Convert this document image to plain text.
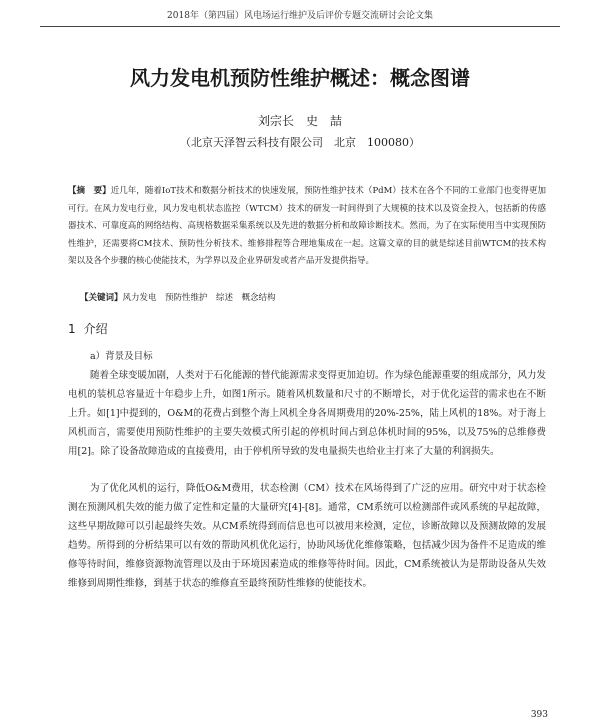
2018年（第四届）风电场运行维护及后评价专题交流研讨会论文集
风力发电机预防性维护概述：概念图谱
刘宗长　史　喆
（北京天泽智云科技有限公司　北京　100080）
【摘　要】近几年，随着IoT技术和数据分析技术的快速发展，预防性维护技术（PdM）技术在各个不同的工业部门也变得更加可行。在风力发电行业，风力发电机状态监控（WTCM）技术的研发一时间得到了大规模的技术以及资金投入，包括新的传感器技术、可靠度高的网络结构、高规格数据采集系统以及先进的数据分析和故障诊断技术。然而，为了在实际使用当中实现预防性维护，还需要将CM技术、预防性分析技术、维修排程等合理地集成在一起。这篇文章的目的就是综述目前WTCM的技术构架以及各个步骤的核心使能技术，为学界以及企业界研发或者产品开发提供指导。
【关键词】风力发电　预防性维护　综述　概念结构
1 介绍
a）背景及目标
随着全球变暖加剧，人类对于石化能源的替代能源需求变得更加迫切。作为绿色能源重要的组成部分，风力发电机的装机总容量近十年稳步上升，如图1所示。随着风机数量和尺寸的不断增长，对于优化运营的需求也在不断上升。如[1]中提到的，O&M的花费占到整个海上风机全身各周期费用的20%-25%，陆上风机的18%。对于海上风机而言，需要使用预防性维护的主要失效模式所引起的停机时间占到总体机时间的95%，以及75%的总维修费用[2]。除了设备故障造成的直接费用，由于停机所导致的发电量损失也给业主打来了大量的利润损失。
为了优化风机的运行，降低O&M费用，状态检测（CM）技术在风场得到了广泛的应用。研究中对于状态检测在预测风机失效的能力做了定性和定量的大量研究[4]-[8]。通常，CM系统可以检测部件或风系统的早起故障，这些早期故障可以引起最终失效。从CM系统得到而信息也可以被用来检测，定位，诊断故障以及预测故障的发展趋势。所得到的分析结果可以有效的帮助风机优化运行，协助风场优化维修策略，包括减少因为备件不足造成的维修等待时间，维修资源物流管理以及由于环境因素造成的维修等待时间。因此，CM系统被认为是帮助设备从失效维修到周期性维修，到基于状态的维修直至最终预防性维修的使能技术。
393
